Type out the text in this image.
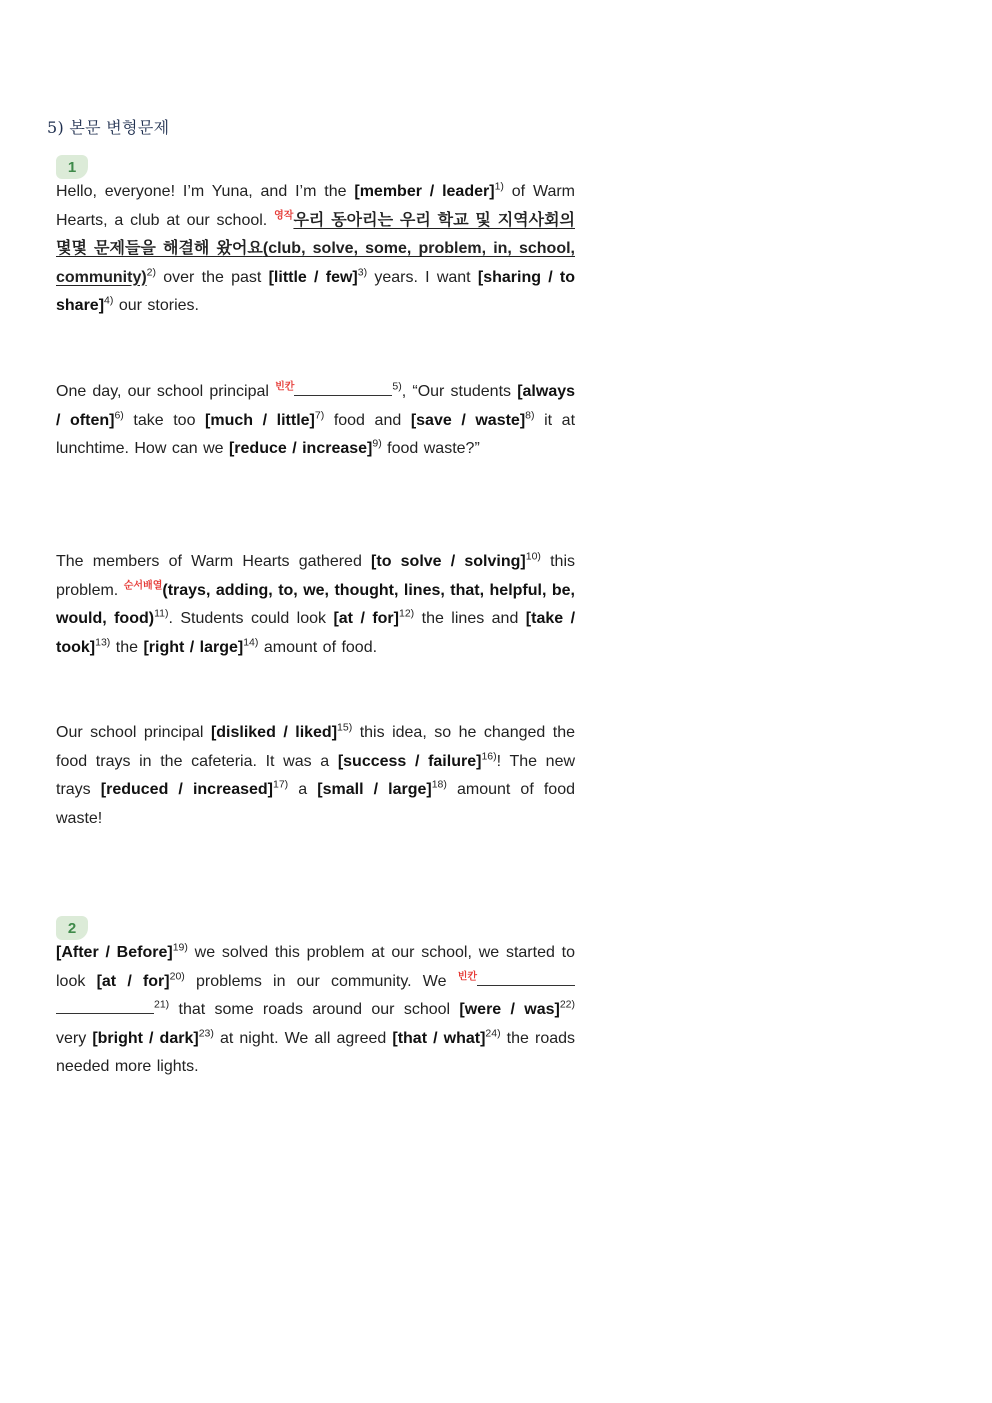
5) 본문 변형문제
1
Hello, everyone! I’m Yuna, and I’m the [member / leader]$^{1)}$ of Warm Hearts, a club at our school. $^{영작}$우리 동아리는 우리 학교 및 지역사회의 몇몇 문제들을 해결해 왔어요(club, solve, some, problem, in, school, community)$^{2)}$ over the past [little / few]$^{3)}$ years. I want [sharing / to share]$^{4)}$ our stories.
One day, our school principal $^{빈칸}$	$^{5)}$, “Our students [always / often]$^{6)}$ take too [much / little]$^{7)}$ food and [save / waste]$^{8)}$ it at lunchtime. How can we [reduce / increase]$^{9)}$ food waste?”
The members of Warm Hearts gathered [to solve / solving]$^{10)}$ this problem. $^{순서배열}$(trays, adding, to, we, thought, lines, that, helpful, be, would, food)$^{11)}$. Students could look [at / for]$^{12)}$ the lines and [take / took]$^{13)}$ the [right / large]$^{14)}$ amount of food.
Our school principal [disliked / liked]$^{15)}$ this idea, so he changed the food trays in the cafeteria. It was a [success / failure]$^{16)}$! The new trays [reduced / increased]$^{17)}$ a [small / large]$^{18)}$ amount of food waste!
2
[After / Before]$^{19)}$ we solved this problem at our school, we started to look [at / for]$^{20)}$ problems in our community. We $^{빈칸}$ $^{21)}$ that some roads around our school [were / was]$^{22)}$ very [bright / dark]$^{23)}$ at night. We all agreed [that / what]$^{24)}$ the roads needed more lights.
